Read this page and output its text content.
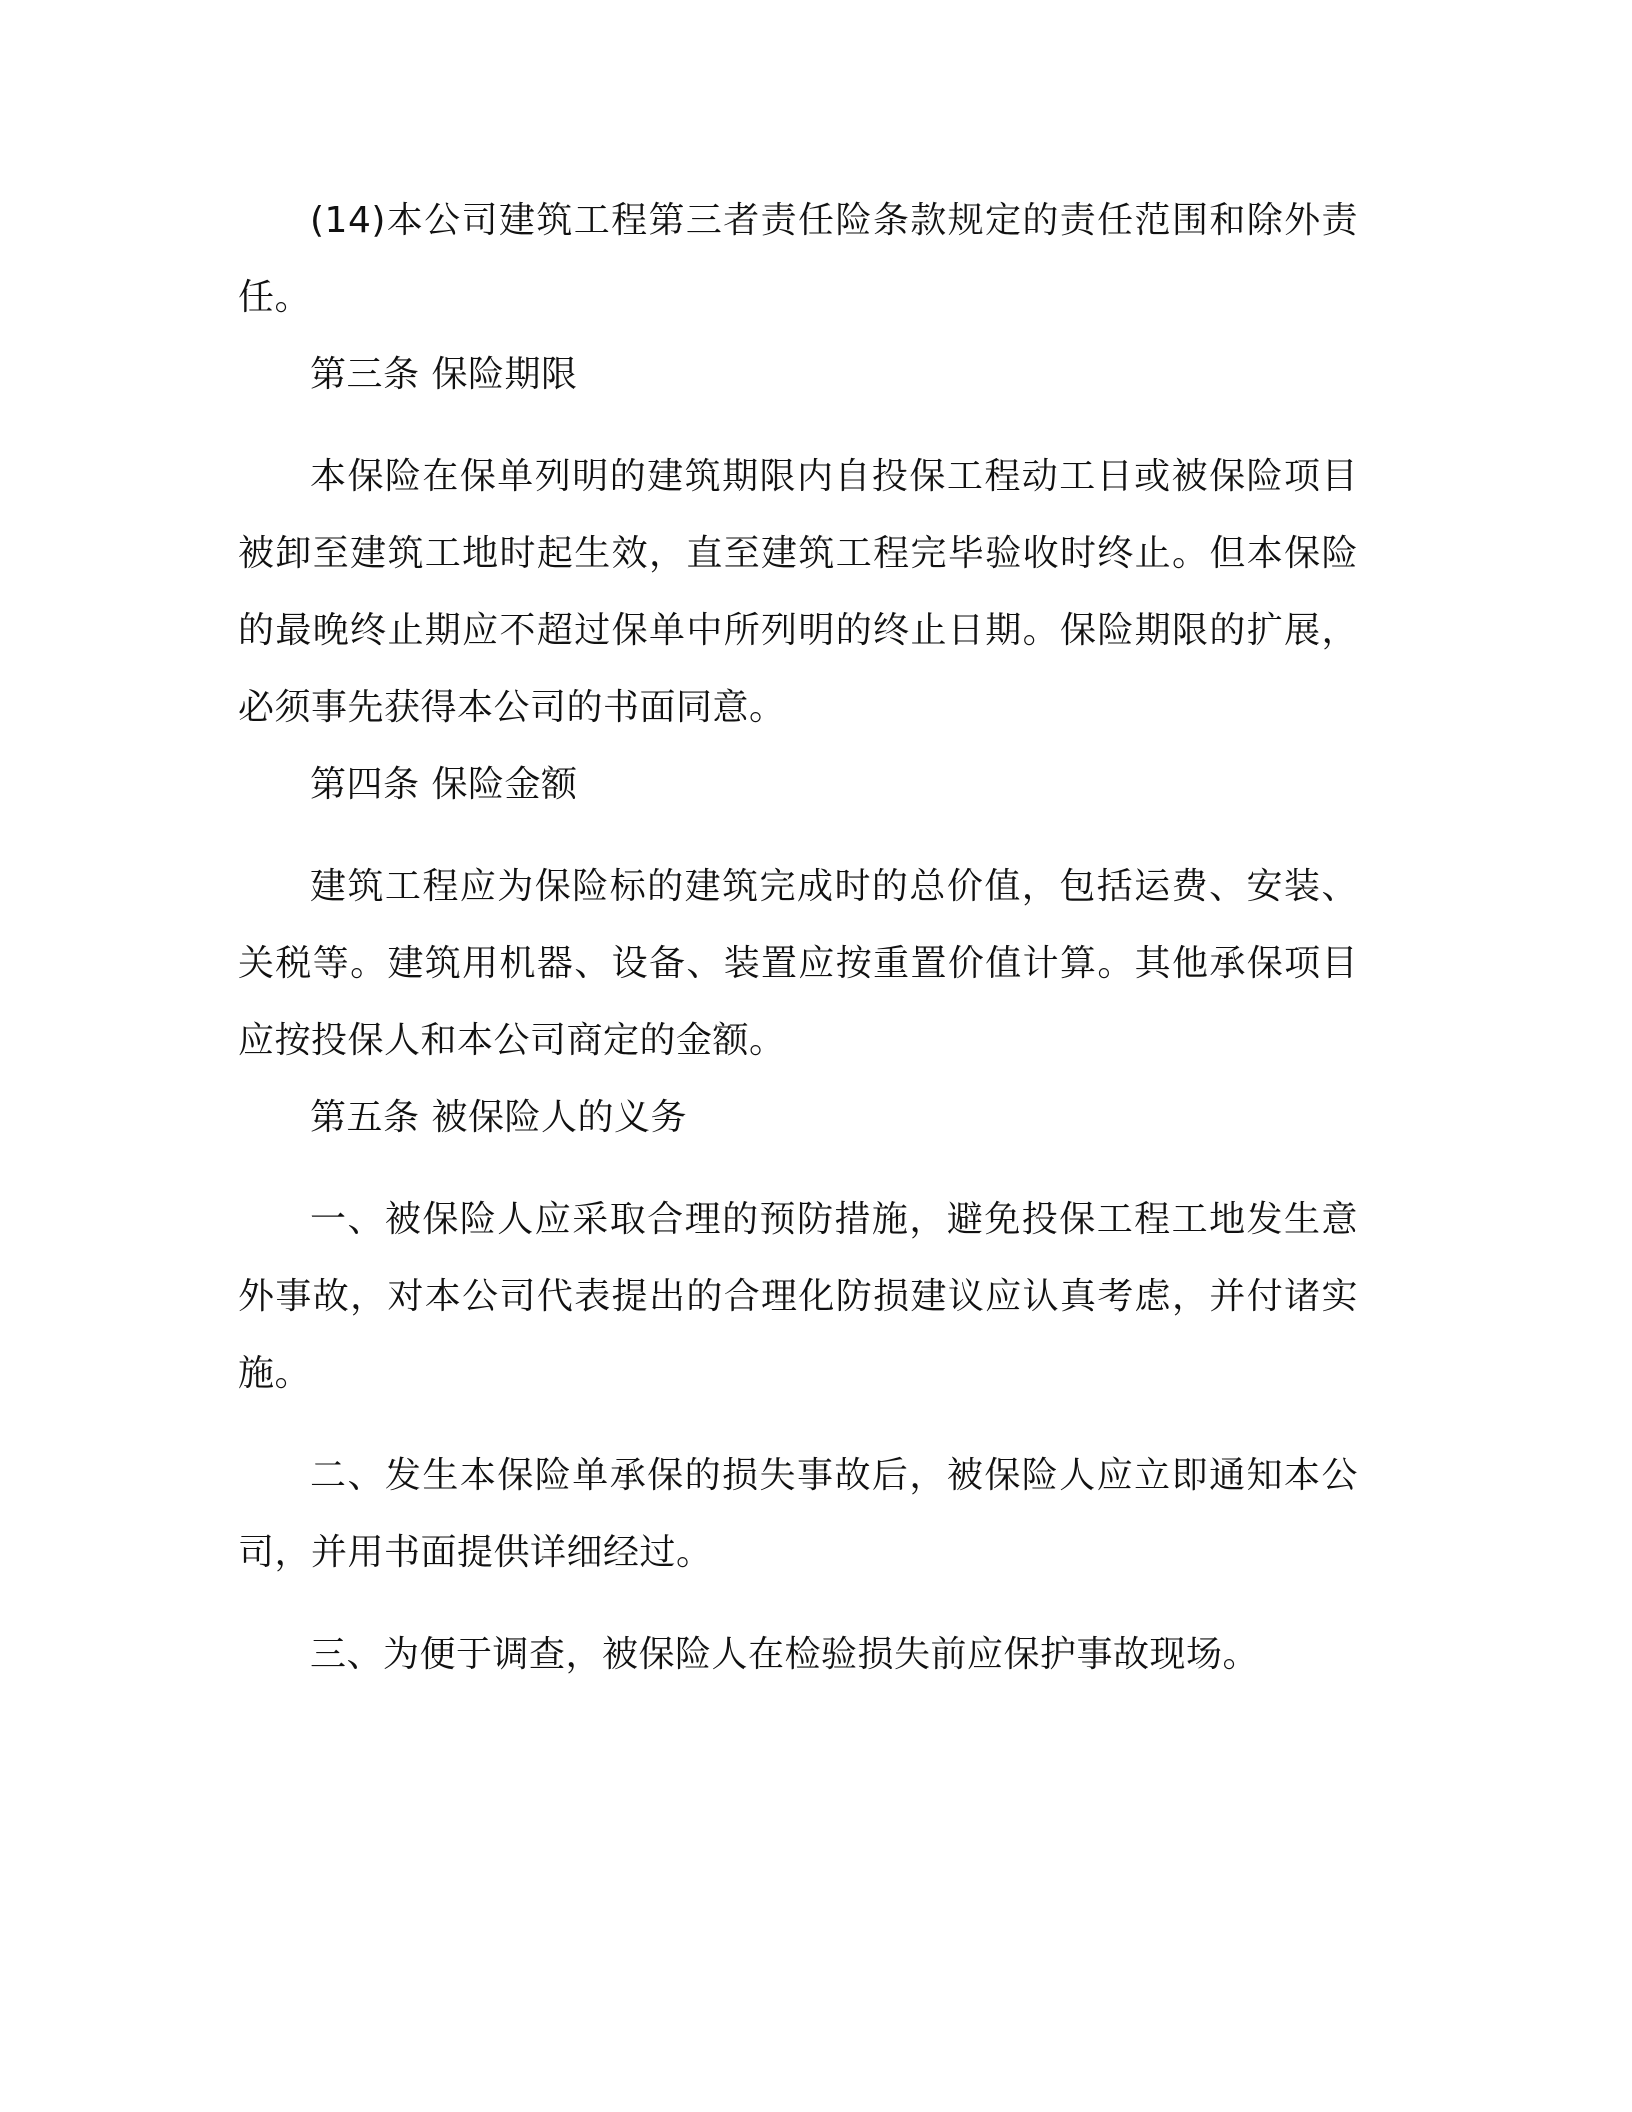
(14)本公司建筑工程第三者责任险条款规定的责任范围和除外责任。

第三条 保险期限

本保险在保单列明的建筑期限内自投保工程动工日或被保险项目被卸至建筑工地时起生效，直至建筑工程完毕验收时终止。但本保险的最晚终止期应不超过保单中所列明的终止日期。保险期限的扩展，必须事先获得本公司的书面同意。

第四条 保险金额

建筑工程应为保险标的建筑完成时的总价值，包括运费、安装、关税等。建筑用机器、设备、装置应按重置价值计算。其他承保项目应按投保人和本公司商定的金额。

第五条 被保险人的义务

一、被保险人应采取合理的预防措施，避免投保工程工地发生意外事故，对本公司代表提出的合理化防损建议应认真考虑，并付诸实施。

二、发生本保险单承保的损失事故后，被保险人应立即通知本公司，并用书面提供详细经过。

三、为便于调查，被保险人在检验损失前应保护事故现场。
